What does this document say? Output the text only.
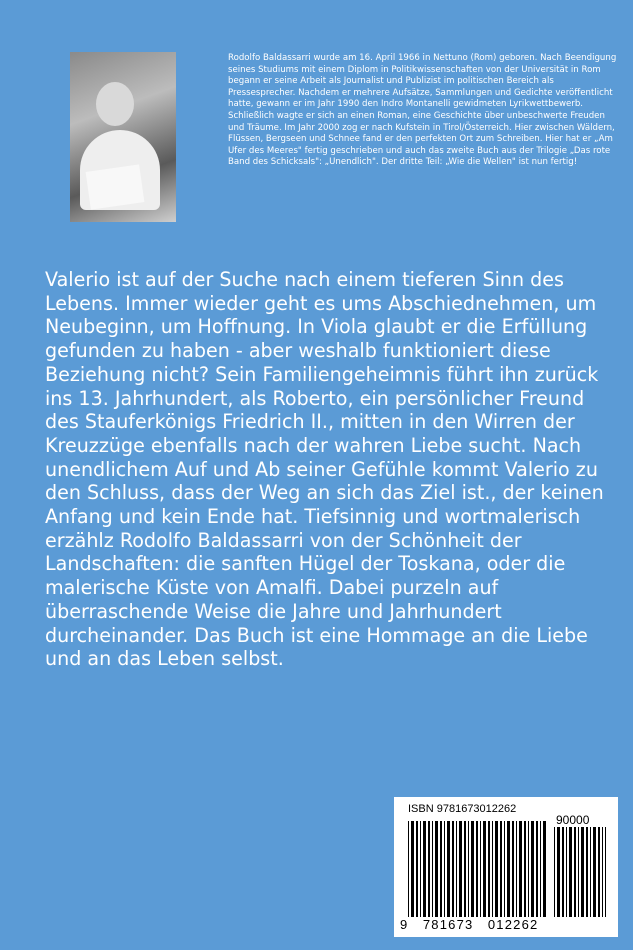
Rodolfo Baldassarri wurde am 16. April 1966 in Nettuno (Rom) geboren. Nach Beendigung seines Studiums mit einem Diplom in Politikwissenschaften von der Universität in Rom begann er seine Arbeit als Journalist und Publizist im politischen Bereich als Pressesprecher. Nachdem er mehrere Aufsätze, Sammlungen und Gedichte veröffentlicht hatte, gewann er im Jahr 1990 den Indro Montanelli gewidmeten Lyrikwettbewerb. Schließlich wagte er sich an einen Roman, eine Geschichte über unbeschwerte Freuden und Träume. Im Jahr 2000 zog er nach Kufstein in Tirol/Österreich. Hier zwischen Wäldern, Flüssen, Bergseen und Schnee fand er den perfekten Ort zum Schreiben. Hier hat er „Am Ufer des Meeres" fertig geschrieben und auch das zweite Buch aus der Trilogie „Das rote Band des Schicksals": „Unendlich". Der dritte Teil: „Wie die Wellen" ist nun fertig!

Valerio ist auf der Suche nach einem tieferen Sinn des Lebens. Immer wieder geht es ums Abschiednehmen, um Neubeginn, um Hoffnung. In Viola glaubt er die Erfüllung gefunden zu haben - aber weshalb funktioniert diese Beziehung nicht? Sein Familiengeheimnis führt ihn zurück ins 13. Jahrhundert, als Roberto, ein persönlicher Freund des Stauferkönigs Friedrich II., mitten in den Wirren der Kreuzzüge ebenfalls nach der wahren Liebe sucht. Nach unendlichem Auf und Ab seiner Gefühle kommt Valerio zu den Schluss, dass der Weg an sich das Ziel ist., der keinen Anfang und kein Ende hat. Tiefsinnig und wortmalerisch erzählz Rodolfo Baldassarri von der Schönheit der Landschaften: die sanften Hügel der Toskana, oder die malerische Küste von Amalfi. Dabei purzeln auf überraschende Weise die Jahre und Jahrhundert durcheinander. Das Buch ist eine Hommage an die Liebe und an das Leben selbst.

ISBN 9781673012262
90000
9   781673   012262
